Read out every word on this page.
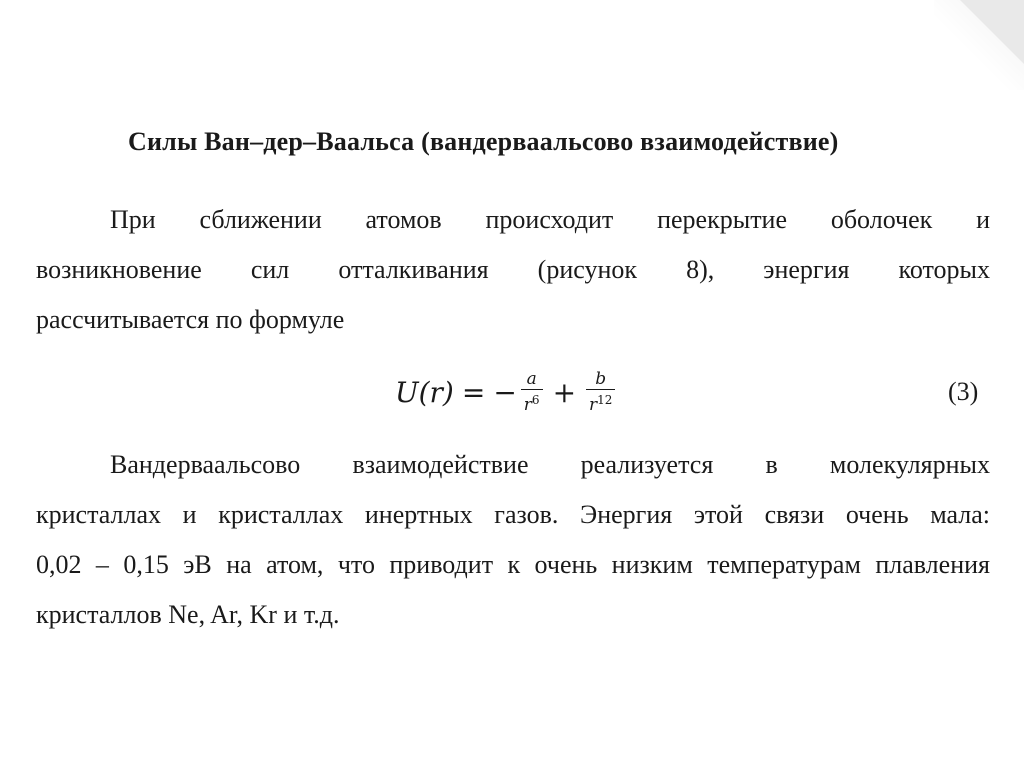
Силы Ван–дер–Ваальса (вандерваальсово взаимодействие)
При сближении атомов происходит перекрытие оболочек и
возникновение сил отталкивания (рисунок 8), энергия которых
рассчитывается по формуле
U(r) = − $\frac{a}{r^6} + \frac{b}{r^{12}}$	(3)
Вандерваальсово взаимодействие реализуется в молекулярных
кристаллах и кристаллах инертных газов. Энергия этой связи очень мала:
0,02 – 0,15 эВ на атом, что приводит к очень низким температурам плавления
кристаллов Ne, Ar, Kr и т.д.
